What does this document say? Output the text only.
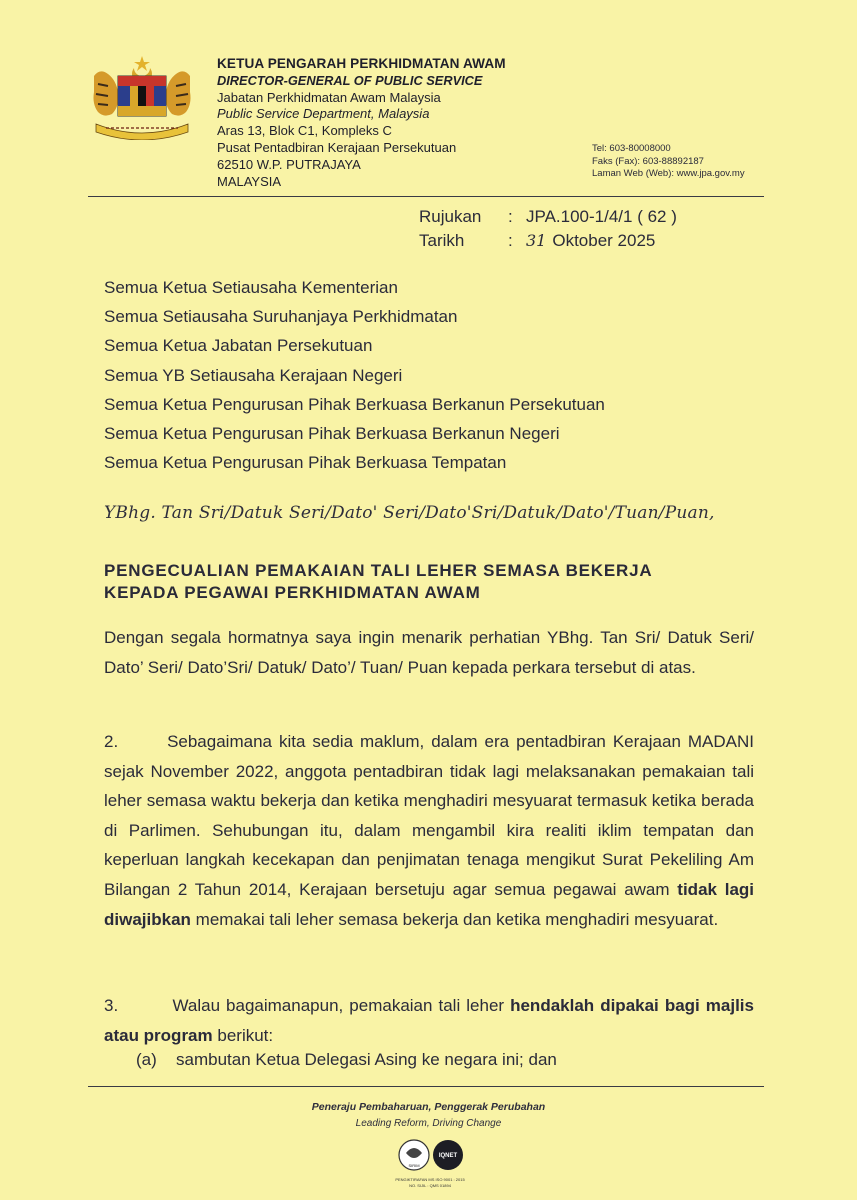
KETUA PENGARAH PERKHIDMATAN AWAM
DIRECTOR-GENERAL OF PUBLIC SERVICE
Jabatan Perkhidmatan Awam Malaysia
Public Service Department, Malaysia
Aras 13, Blok C1, Kompleks C
Pusat Pentadbiran Kerajaan Persekutuan
62510 W.P. PUTRAJAYA
MALAYSIA
Tel: 603-80008000
Faks (Fax): 603-88892187
Laman Web (Web): www.jpa.gov.my
Rujukan : JPA.100-1/4/1 ( 62 )
Tarikh	: 31 Oktober 2025
Semua Ketua Setiausaha Kementerian
Semua Setiausaha Suruhanjaya Perkhidmatan
Semua Ketua Jabatan Persekutuan
Semua YB Setiausaha Kerajaan Negeri
Semua Ketua Pengurusan Pihak Berkuasa Berkanun Persekutuan
Semua Ketua Pengurusan Pihak Berkuasa Berkanun Negeri
Semua Ketua Pengurusan Pihak Berkuasa Tempatan
YBhg. Tan Sri/Datuk Seri/Dato' Seri/Dato'Sri/Datuk/Dato'/Tuan/Puan,
PENGECUALIAN PEMAKAIAN TALI LEHER SEMASA BEKERJA
KEPADA PEGAWAI PERKHIDMATAN AWAM
Dengan segala hormatnya saya ingin menarik perhatian YBhg. Tan Sri/ Datuk Seri/ Dato’ Seri/ Dato’Sri/ Datuk/ Dato’/ Tuan/ Puan kepada perkara tersebut di atas.
2.	Sebagaimana kita sedia maklum, dalam era pentadbiran Kerajaan MADANI sejak November 2022, anggota pentadbiran tidak lagi melaksanakan pemakaian tali leher semasa waktu bekerja dan ketika menghadiri mesyuarat termasuk ketika berada di Parlimen. Sehubungan itu, dalam mengambil kira realiti iklim tempatan dan keperluan langkah kecekapan dan penjimatan tenaga mengikut Surat Pekeliling Am Bilangan 2 Tahun 2014, Kerajaan bersetuju agar semua pegawai awam tidak lagi diwajibkan memakai tali leher semasa bekerja dan ketika menghadiri mesyuarat.
3.	Walau bagaimanapun, pemakaian tali leher hendaklah dipakai bagi majlis atau program berikut:
(a) sambutan Ketua Delegasi Asing ke negara ini; dan
Peneraju Pembaharuan, Penggerak Perubahan
Leading Reform, Driving Change
SIRIM
IQNET
PENGIKTIRAFAN MS ISO 9001 : 2015
NO. SIJIL : QMS 01894
